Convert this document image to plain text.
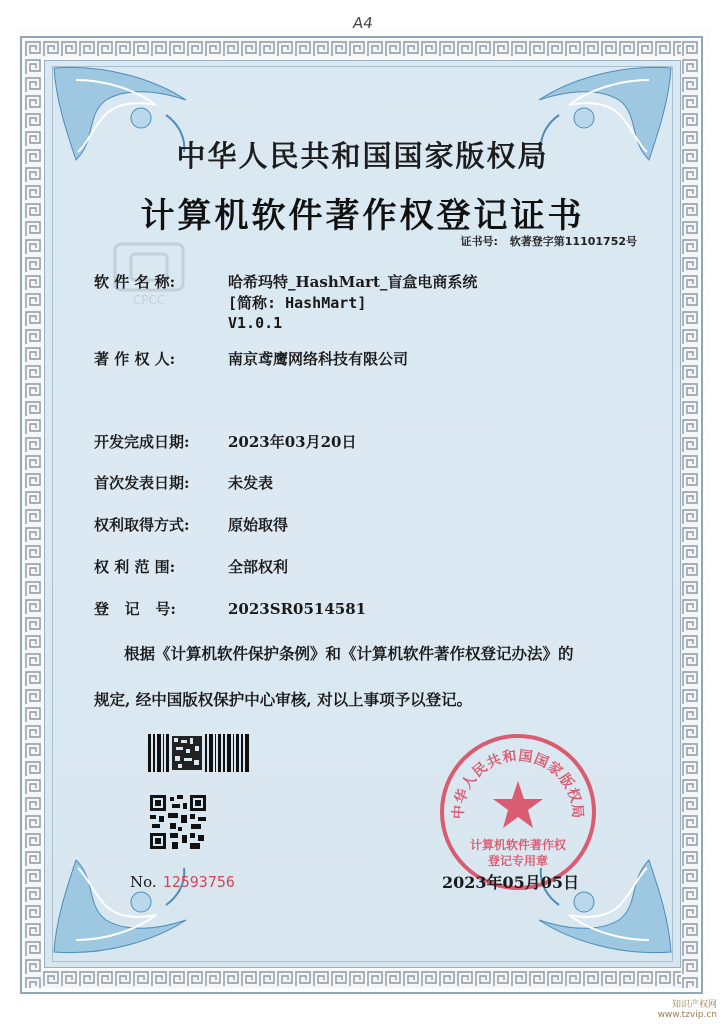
A4
CPCC
中华人民共和国国家版权局
计算机软件著作权登记证书
证书号: 软著登字第11101752号
软 件 名 称:	哈希玛特_HashMart_盲盒电商系统
[简称: HashMart]
V1.0.1
著 作 权 人:	南京鸢鹰网络科技有限公司
开发完成日期:	2023年03月20日
首次发表日期:	未发表
权利取得方式:	原始取得
权 利 范 围:	全部权利
登   记   号:	2023SR0514581
根据《计算机软件保护条例》和《计算机软件著作权登记办法》的
规定, 经中国版权保护中心审核, 对以上事项予以登记。
No. 12593756
中华人民共和国国家版权局
计算机软件著作权
登记专用章
2023年05月05日
知识产权网
www.tzvip.cn
